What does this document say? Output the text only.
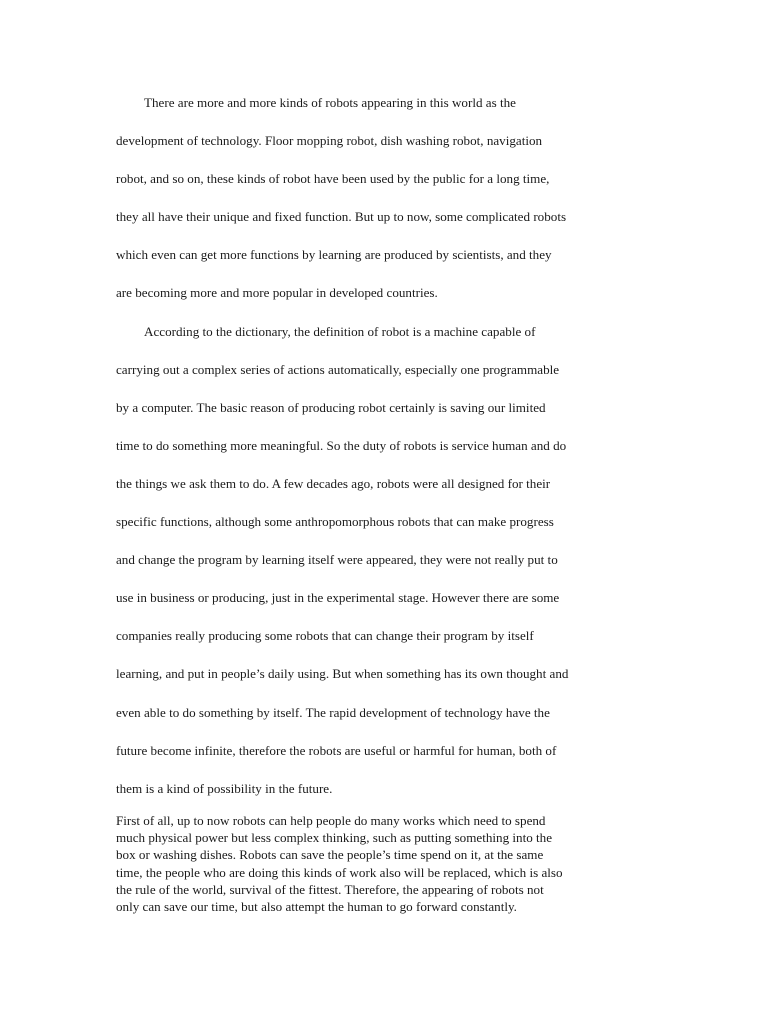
There are more and more kinds of robots appearing in this world as the
development of technology. Floor mopping robot, dish washing robot, navigation
robot, and so on, these kinds of robot have been used by the public for a long time,
they all have their unique and fixed function. But up to now, some complicated robots
which even can get more functions by learning are produced by scientists, and they
are becoming more and more popular in developed countries.
According to the dictionary, the definition of robot is a machine capable of
carrying out a complex series of actions automatically, especially one programmable
by a computer. The basic reason of producing robot certainly is saving our limited
time to do something more meaningful. So the duty of robots is service human and do
the things we ask them to do. A few decades ago, robots were all designed for their
specific functions, although some anthropomorphous robots that can make progress
and change the program by learning itself were appeared, they were not really put to
use in business or producing, just in the experimental stage. However there are some
companies really producing some robots that can change their program by itself
learning, and put in people’s daily using. But when something has its own thought and
even able to do something by itself. The rapid development of technology have the
future become infinite, therefore the robots are useful or harmful for human, both of
them is a kind of possibility in the future.
First of all, up to now robots can help people do many works which need to spend
much physical power but less complex thinking, such as putting something into the
box or washing dishes. Robots can save the people’s time spend on it, at the same
time, the people who are doing this kinds of work also will be replaced, which is also
the rule of the world, survival of the fittest. Therefore, the appearing of robots not
only can save our time, but also attempt the human to go forward constantly.
